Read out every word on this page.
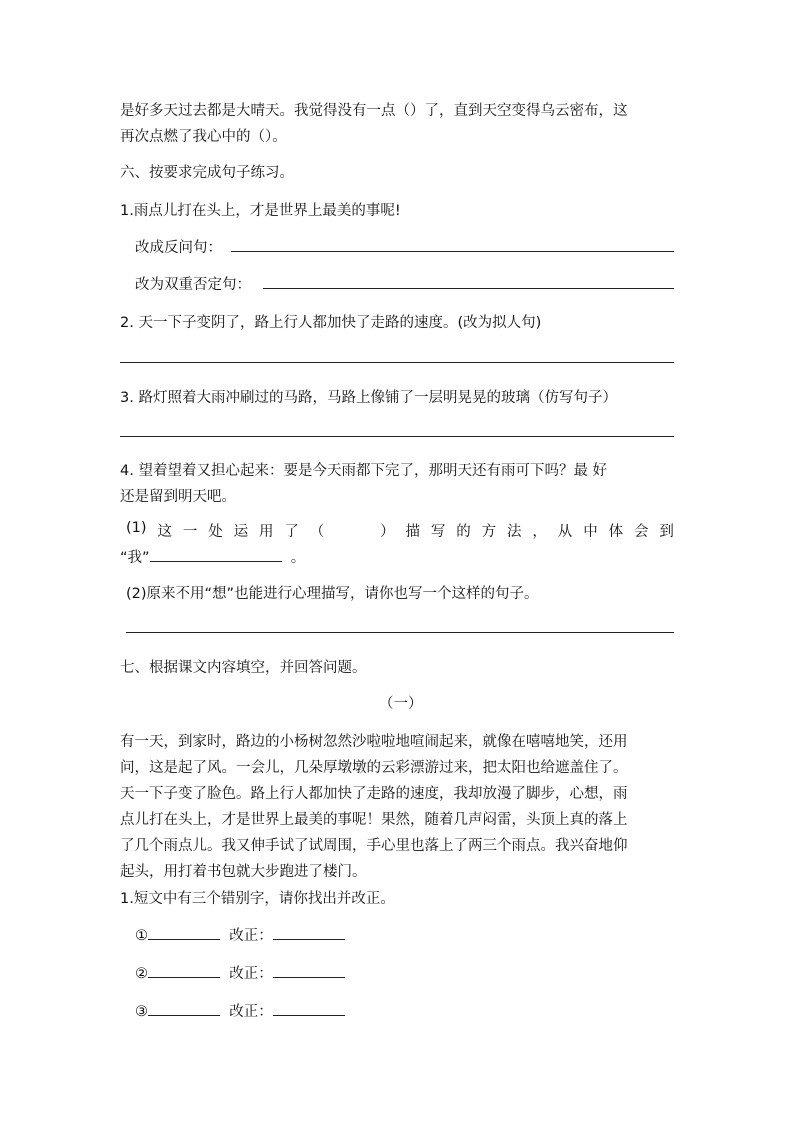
是好多天过去都是大晴天。我觉得没有一点（）了，直到天空变得乌云密布，这
再次点燃了我心中的（）。
六、按要求完成句子练习。
1.雨点儿打在头上，才是世界上最美的事呢!
改成反问句：
改为双重否定句：
2. 天一下子变阴了，路上行人都加快了走路的速度。(改为拟人句)
3. 路灯照着大雨冲刷过的马路，马路上像铺了一层明晃晃的玻璃（仿写句子）
4. 望着望着又担心起来：要是今天雨都下完了，那明天还有雨可下吗？最 好
还是留到明天吧。
(1) 这 一 处 运 用 了 （	） 描 写 的 方 法 ， 从 中 体 会 到
“我”	。
(2)原来不用“想”也能进行心理描写，请你也写一个这样的句子。
七、根据课文内容填空，并回答问题。
（一）
有一天，到家时，路边的小杨树忽然沙啦啦地喧闹起来，就像在嘻嘻地笑，还用
问，这是起了风。一会儿，几朵厚墩墩的云彩漂游过来，把太阳也给遮盖住了。
天一下子变了脸色。路上行人都加快了走路的速度，我却放漫了脚步，心想，雨
点儿打在头上，才是世界上最美的事呢！果然，随着几声闷雷，头顶上真的落上
了几个雨点儿。我又伸手试了试周围，手心里也落上了两三个雨点。我兴奋地仰
起头，用打着书包就大步跑进了楼门。
1.短文中有三个错别字，请你找出并改正。
①	改正：
②	改正：
③	改正：
